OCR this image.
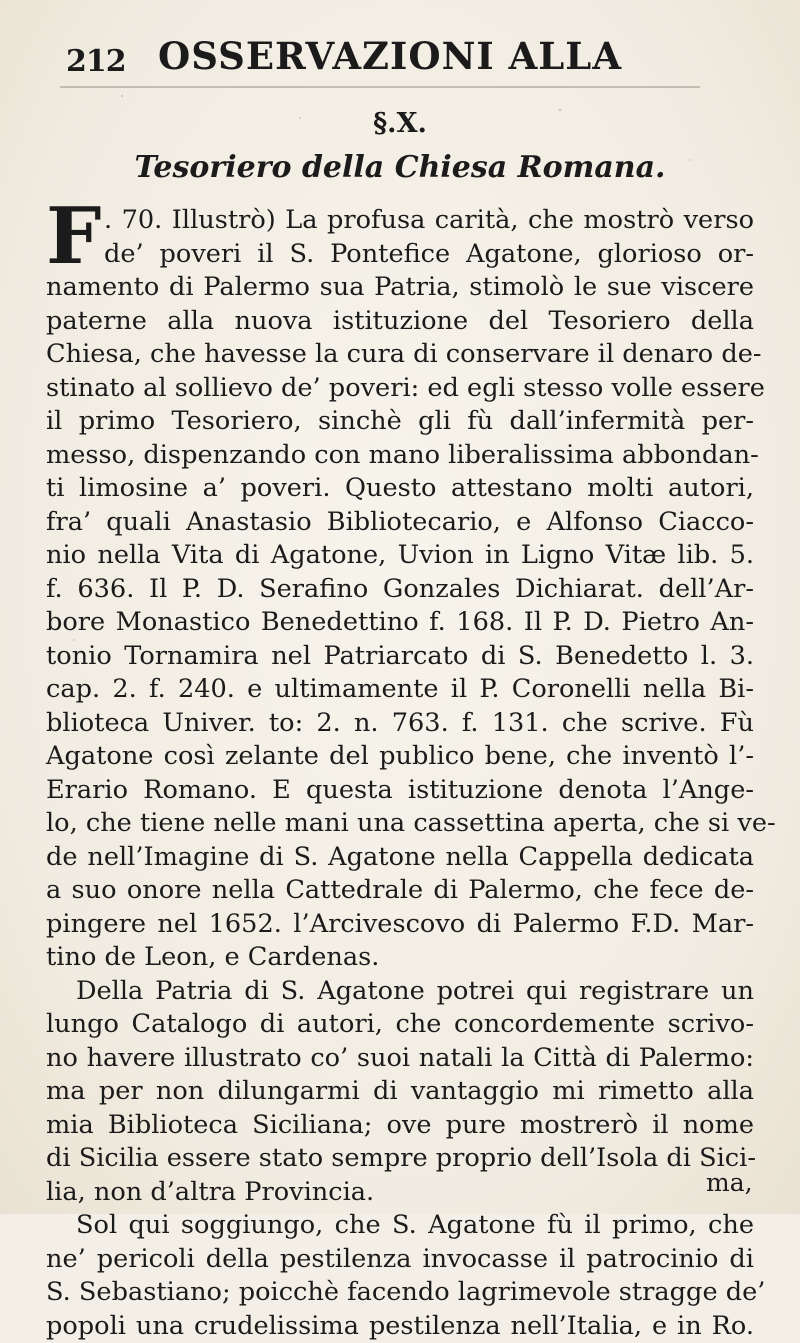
212 OSSERVAZIONI ALLA
§.X.
Tesoriero della Chiesa Romana.
F . 70. Illustrò) La profusa carità, che mostrò verso
de’ poveri il S. Pontefice Agatone, glorioso or-
namento di Palermo sua Patria, stimolò le sue viscere
paterne alla nuova istituzione del Tesoriero della
Chiesa, che havesse la cura di conservare il denaro de-
stinato al sollievo de’ poveri: ed egli stesso volle essere
il primo Tesoriero, sinchè gli fù dall’infermità per-
messo, dispenzando con mano liberalissima abbondan-
ti limosine a’ poveri. Questo attestano molti autori,
fra’ quali Anastasio Bibliotecario, e Alfonso Ciacco-
nio nella Vita di Agatone, Uvion in Ligno Vitæ lib. 5.
f. 636. Il P. D. Serafino Gonzales Dichiarat. dell’Ar-
bore Monastico Benedettino f. 168. Il P. D. Pietro An-
tonio Tornamira nel Patriarcato di S. Benedetto l. 3.
cap. 2. f. 240. e ultimamente il P. Coronelli nella Bi-
blioteca Univer. to: 2. n. 763. f. 131. che scrive. Fù
Agatone così zelante del publico bene, che inventò l’-
Erario Romano. E questa istituzione denota l’Ange-
lo, che tiene nelle mani una cassettina aperta, che si ve-
de nell’Imagine di S. Agatone nella Cappella dedicata
a suo onore nella Cattedrale di Palermo, che fece de-
pingere nel 1652. l’Arcivescovo di Palermo F.D. Mar-
tino de Leon, e Cardenas.
Della Patria di S. Agatone potrei qui registrare un
lungo Catalogo di autori, che concordemente scrivo-
no havere illustrato co’ suoi natali la Città di Palermo:
ma per non dilungarmi di vantaggio mi rimetto alla
mia Biblioteca Siciliana; ove pure mostrerò il nome
di Sicilia essere stato sempre proprio dell’Isola di Sici-
lia, non d’altra Provincia.
Sol qui soggiungo, che S. Agatone fù il primo, che
ne’ pericoli della pestilenza invocasse il patrocinio di
S. Sebastiano; poicchè facendo lagrimevole stragge de’
popoli una crudelissima pestilenza nell’Italia, e in Ro.
ma,
